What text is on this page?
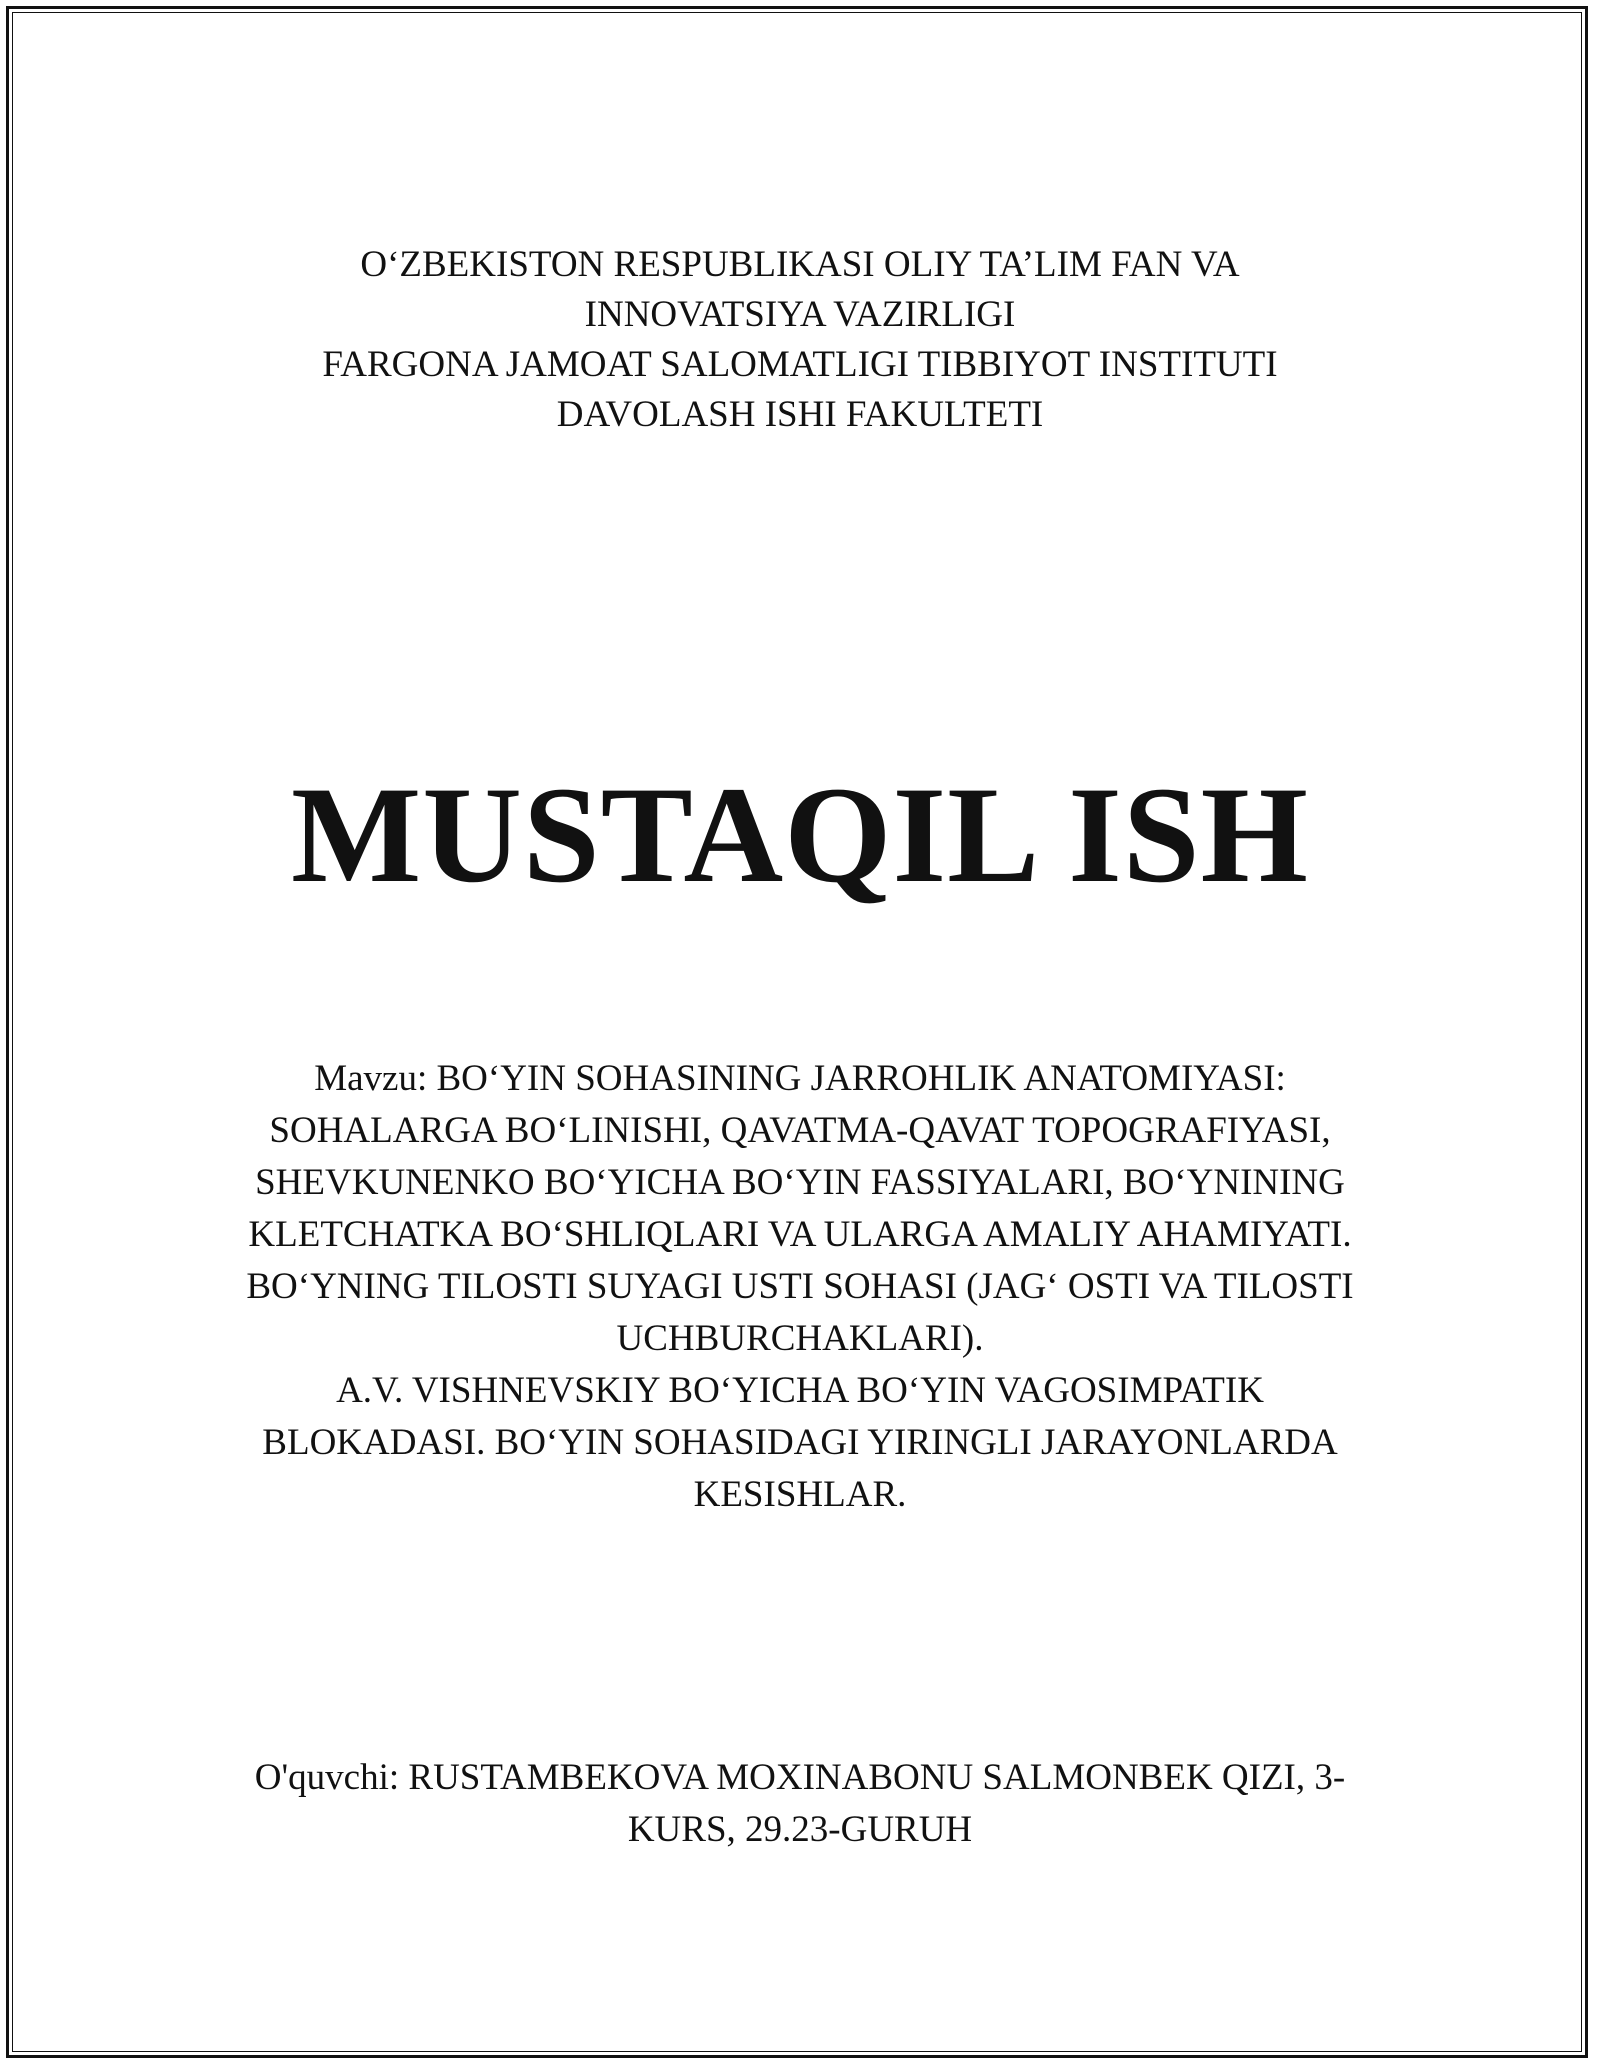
O‘ZBEKISTON RESPUBLIKASI OLIY TA’LIM FAN VA
INNOVATSIYA VAZIRLIGI
FARGONA JAMOAT SALOMATLIGI TIBBIYOT INSTITUTI
DAVOLASH ISHI FAKULTETI
MUSTAQIL ISH
Mavzu: BO‘YIN SOHASINING JARROHLIK ANATOMIYASI:
SOHALARGA BO‘LINISHI, QAVATMA-QAVAT TOPOGRAFIYASI,
SHEVKUNENKO BO‘YICHA BO‘YIN FASSIYALARI, BO‘YNINING
KLETCHATKA BO‘SHLIQLARI VA ULARGA AMALIY AHAMIYATI.
BO‘YNING TILOSTI SUYAGI USTI SOHASI (JAG‘ OSTI VA TILOSTI
UCHBURCHAKLARI).
A.V. VISHNEVSKIY BO‘YICHA BO‘YIN VAGOSIMPATIK
BLOKADASI. BO‘YIN SOHASIDAGI YIRINGLI JARAYONLARDA
KESISHLAR.
O'quvchi: RUSTAMBEKOVA MOXINABONU SALMONBEK QIZI, 3-
KURS, 29.23-GURUH
